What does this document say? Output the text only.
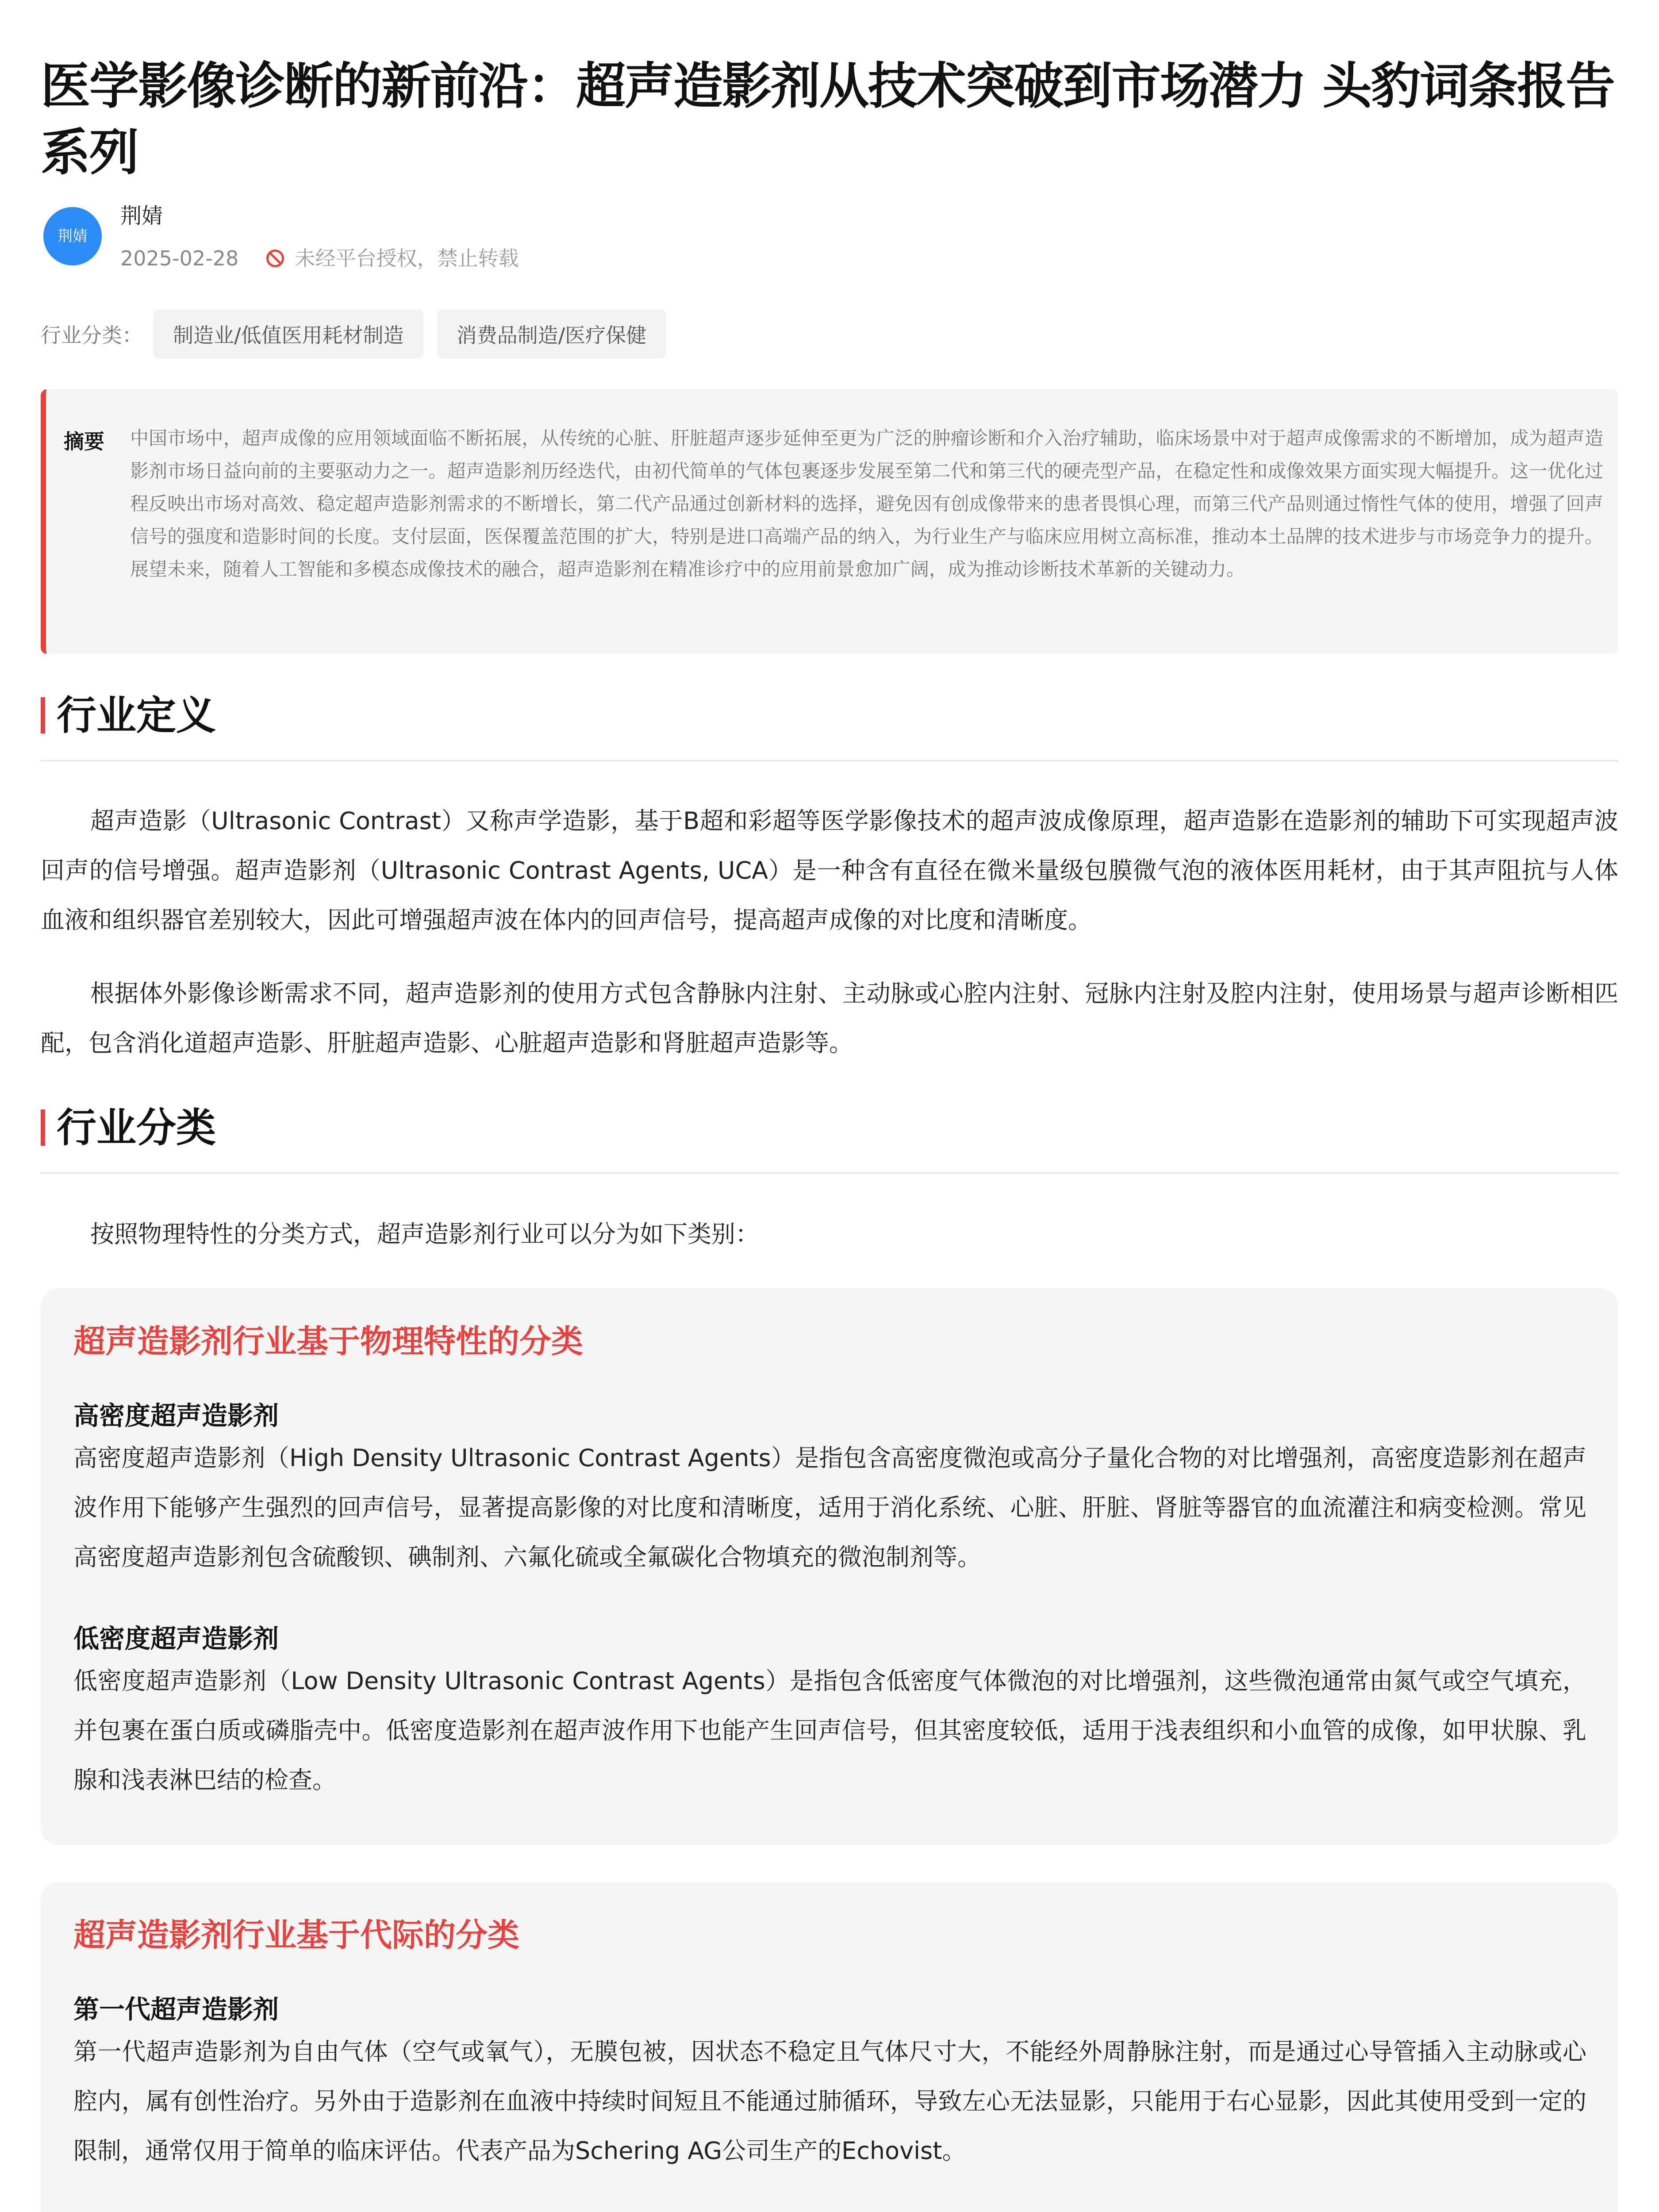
医学影像诊断的新前沿：超声造影剂从技术突破到市场潜力 头豹词条报告系列
荆婧
荆婧
2025-02-28	未经平台授权，禁止转载
行业分类： 制造业/低值医用耗材制造	消费品制造/医疗保健
摘要 中国市场中，超声成像的应用领域面临不断拓展，从传统的心脏、肝脏超声逐步延伸至更为广泛的肿瘤诊断和介入治疗辅助，临床场景中对于超声成像需求的不断增加，成为超声造影剂市场日益向前的主要驱动力之一。超声造影剂历经迭代，由初代简单的气体包裹逐步发展至第二代和第三代的硬壳型产品，在稳定性和成像效果方面实现大幅提升。这一优化过程反映出市场对高效、稳定超声造影剂需求的不断增长，第二代产品通过创新材料的选择，避免因有创成像带来的患者畏惧心理，而第三代产品则通过惰性气体的使用，增强了回声信号的强度和造影时间的长度。支付层面，医保覆盖范围的扩大，特别是进口高端产品的纳入，为行业生产与临床应用树立高标准，推动本土品牌的技术进步与市场竞争力的提升。展望未来，随着人工智能和多模态成像技术的融合，超声造影剂在精准诊疗中的应用前景愈加广阔，成为推动诊断技术革新的关键动力。
行业定义
超声造影（Ultrasonic Contrast）又称声学造影，基于B超和彩超等医学影像技术的超声波成像原理，超声造影在造影剂的辅助下可实现超声波回声的信号增强。超声造影剂（Ultrasonic Contrast Agents, UCA）是一种含有直径在微米量级包膜微气泡的液体医用耗材，由于其声阻抗与人体血液和组织器官差别较大，因此可增强超声波在体内的回声信号，提高超声成像的对比度和清晰度。
根据体外影像诊断需求不同，超声造影剂的使用方式包含静脉内注射、主动脉或心腔内注射、冠脉内注射及腔内注射，使用场景与超声诊断相匹配，包含消化道超声造影、肝脏超声造影、心脏超声造影和肾脏超声造影等。
行业分类
按照物理特性的分类方式，超声造影剂行业可以分为如下类别：
超声造影剂行业基于物理特性的分类
高密度超声造影剂
高密度超声造影剂（High Density Ultrasonic Contrast Agents）是指包含高密度微泡或高分子量化合物的对比增强剂，高密度造影剂在超声波作用下能够产生强烈的回声信号，显著提高影像的对比度和清晰度，适用于消化系统、心脏、肝脏、肾脏等器官的血流灌注和病变检测。常见高密度超声造影剂包含硫酸钡、碘制剂、六氟化硫或全氟碳化合物填充的微泡制剂等。
低密度超声造影剂
低密度超声造影剂（Low Density Ultrasonic Contrast Agents）是指包含低密度气体微泡的对比增强剂，这些微泡通常由氮气或空气填充，并包裹在蛋白质或磷脂壳中。低密度造影剂在超声波作用下也能产生回声信号，但其密度较低，适用于浅表组织和小血管的成像，如甲状腺、乳腺和浅表淋巴结的检查。
超声造影剂行业基于代际的分类
第一代超声造影剂
第一代超声造影剂为自由气体（空气或氧气），无膜包被，因状态不稳定且气体尺寸大，不能经外周静脉注射，而是通过心导管插入主动脉或心腔内，属有创性治疗。另外由于造影剂在血液中持续时间短且不能通过肺循环，导致左心无法显影，只能用于右心显影，因此其使用受到一定的限制，通常仅用于简单的临床评估。代表产品为Schering AG公司生产的Echovist。
